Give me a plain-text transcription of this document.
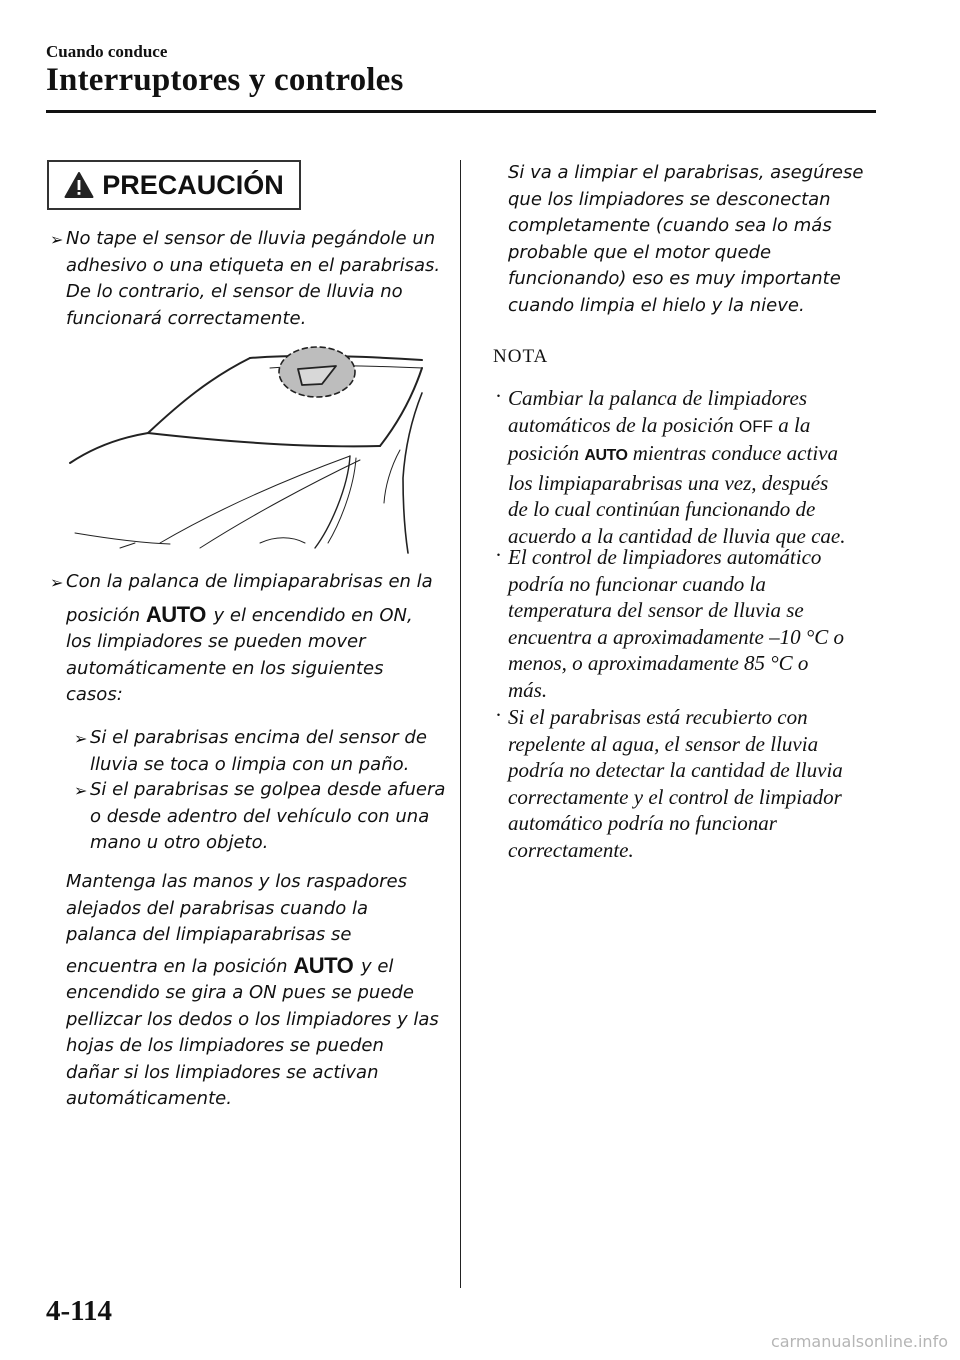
Cuando conduce
Interruptores y controles
PRECAUCIÓN
➢ No tape el sensor de lluvia pegándole un
adhesivo o una etiqueta en el parabrisas.
De lo contrario, el sensor de lluvia no
funcionará correctamente.
➢ Con la palanca de limpiaparabrisas en la
posición AUTO y el encendido en ON,
los limpiadores se pueden mover
automáticamente en los siguientes
casos:
➢ Si el parabrisas encima del sensor de
lluvia se toca o limpia con un paño.
➢ Si el parabrisas se golpea desde afuera
o desde adentro del vehículo con una
mano u otro objeto.
Mantenga las manos y los raspadores
alejados del parabrisas cuando la
palanca del limpiaparabrisas se
encuentra en la posición AUTO y el
encendido se gira a ON pues se puede
pellizcar los dedos o los limpiadores y las
hojas de los limpiadores se pueden
dañar si los limpiadores se activan
automáticamente.
Si va a limpiar el parabrisas, asegúrese
que los limpiadores se desconectan
completamente (cuando sea lo más
probable que el motor quede
funcionando) eso es muy importante
cuando limpia el hielo y la nieve.
NOTA
· Cambiar la palanca de limpiadores
automáticos de la posición OFF a la
posición AUTO mientras conduce activa
los limpiaparabrisas una vez, después
de lo cual continúan funcionando de
acuerdo a la cantidad de lluvia que cae.
· El control de limpiadores automático
podría no funcionar cuando la
temperatura del sensor de lluvia se
encuentra a aproximadamente –10 °C o
menos, o aproximadamente 85 °C o
más.
· Si el parabrisas está recubierto con
repelente al agua, el sensor de lluvia
podría no detectar la cantidad de lluvia
correctamente y el control de limpiador
automático podría no funcionar
correctamente.
4-114
carmanualsonline.info
